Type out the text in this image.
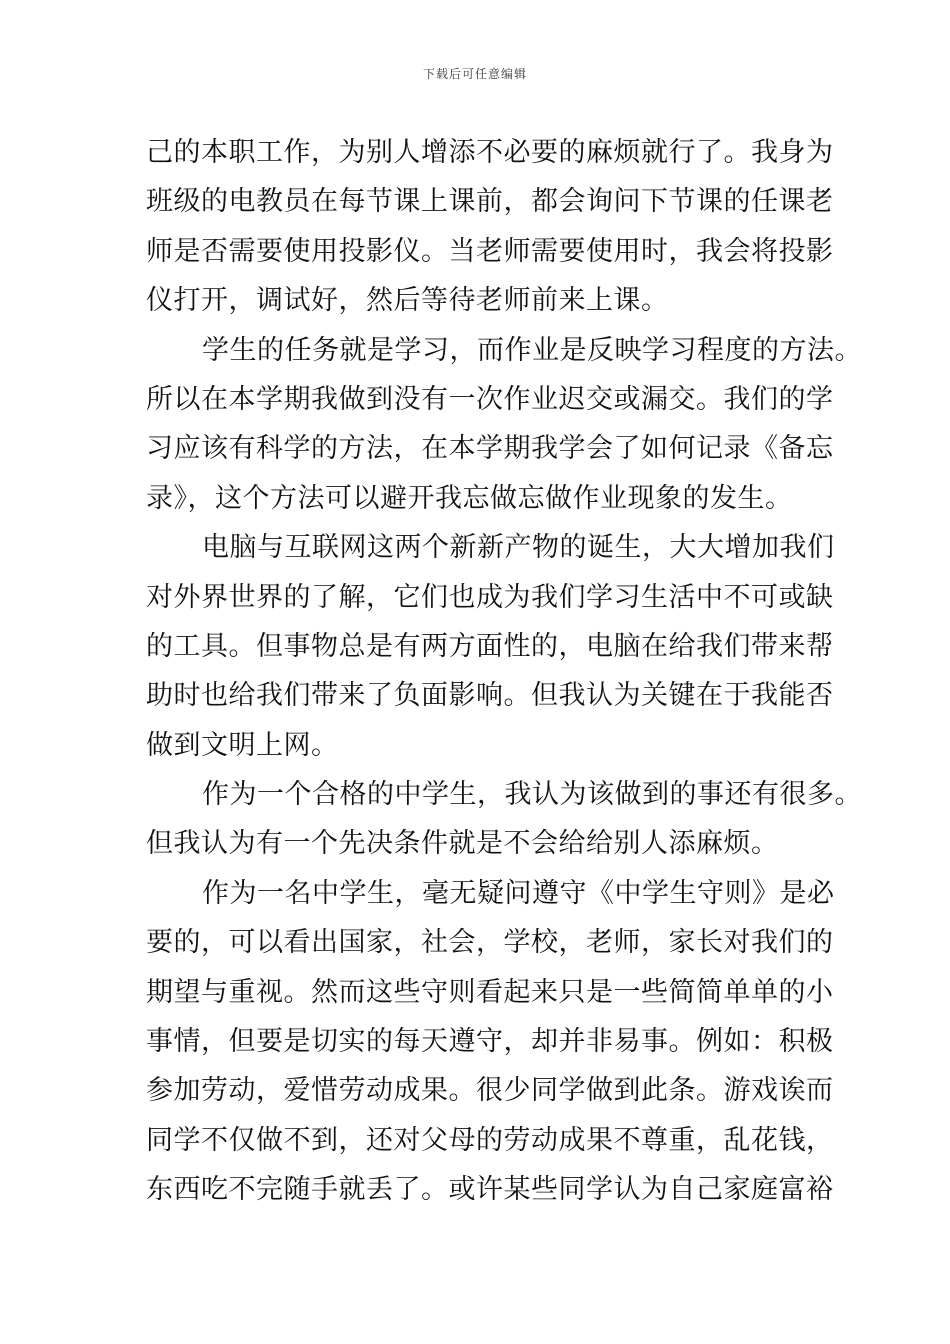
下载后可任意编辑
己的本职工作，为别人增添不必要的麻烦就行了。我身为
班级的电教员在每节课上课前，都会询问下节课的任课老
师是否需要使用投影仪。当老师需要使用时，我会将投影
仪打开，调试好，然后等待老师前来上课。
学生的任务就是学习，而作业是反映学习程度的方法。
所以在本学期我做到没有一次作业迟交或漏交。我们的学
习应该有科学的方法，在本学期我学会了如何记录《备忘
录》，这个方法可以避开我忘做忘做作业现象的发生。
电脑与互联网这两个新新产物的诞生，大大增加我们
对外界世界的了解，它们也成为我们学习生活中不可或缺
的工具。但事物总是有两方面性的，电脑在给我们带来帮
助时也给我们带来了负面影响。但我认为关键在于我能否
做到文明上网。
作为一个合格的中学生，我认为该做到的事还有很多。
但我认为有一个先决条件就是不会给给别人添麻烦。
作为一名中学生，毫无疑问遵守《中学生守则》是必
要的，可以看出国家，社会，学校，老师，家长对我们的
期望与重视。然而这些守则看起来只是一些简简单单的小
事情，但要是切实的每天遵守，却并非易事。例如：积极
参加劳动，爱惜劳动成果。很少同学做到此条。游戏诶而
同学不仅做不到，还对父母的劳动成果不尊重，乱花钱，
东西吃不完随手就丢了。或许某些同学认为自己家庭富裕
